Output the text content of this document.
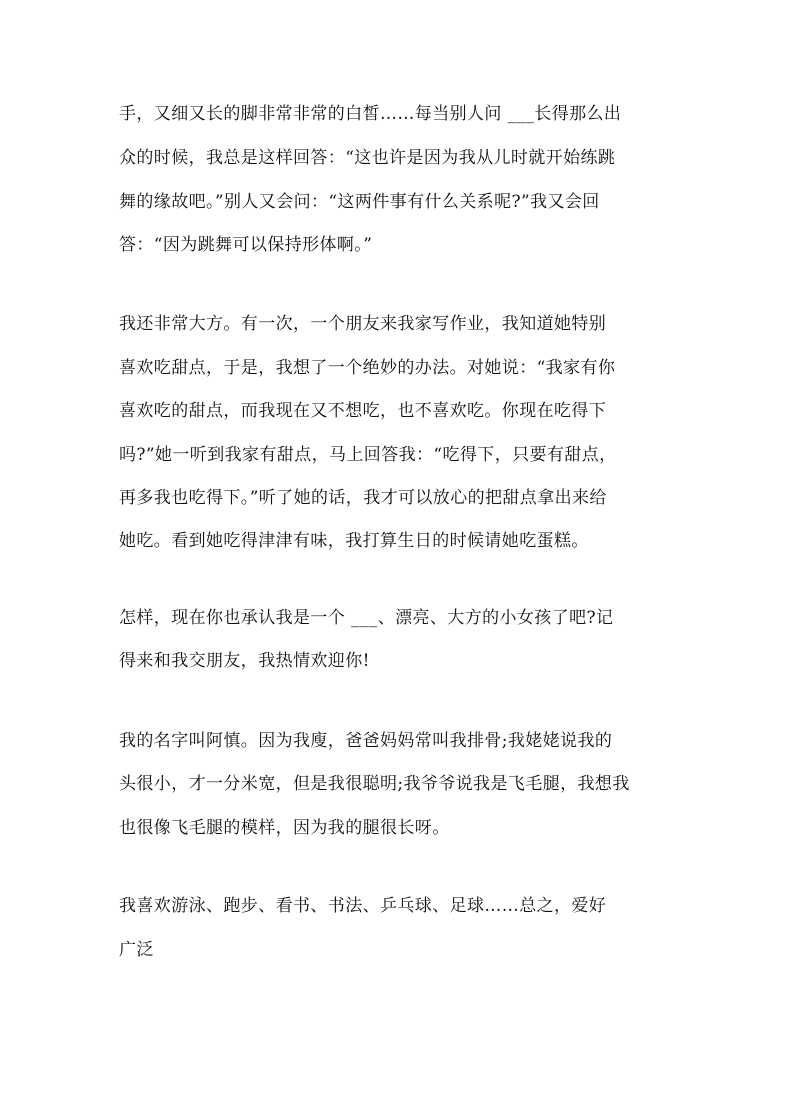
手，又细又长的脚非常非常的白皙……每当别人问 ___长得那么出
众的时候，我总是这样回答：“这也许是因为我从儿时就开始练跳
舞的缘故吧。”别人又会问：“这两件事有什么关系呢?”我又会回
答：“因为跳舞可以保持形体啊。”
我还非常大方。有一次，一个朋友来我家写作业，我知道她特别
喜欢吃甜点，于是，我想了一个绝妙的办法。对她说：“我家有你
喜欢吃的甜点，而我现在又不想吃，也不喜欢吃。你现在吃得下
吗?”她一听到我家有甜点，马上回答我：“吃得下，只要有甜点，
再多我也吃得下。”听了她的话，我才可以放心的把甜点拿出来给
她吃。看到她吃得津津有味，我打算生日的时候请她吃蛋糕。
怎样，现在你也承认我是一个 ___、漂亮、大方的小女孩了吧?记
得来和我交朋友，我热情欢迎你!
我的名字叫阿慎。因为我廋，爸爸妈妈常叫我排骨;我姥姥说我的
头很小，才一分米宽，但是我很聪明;我爷爷说我是飞毛腿，我想我
也很像飞毛腿的模样，因为我的腿很长呀。
我喜欢游泳、跑步、看书、书法、乒乓球、足球……总之，爱好
广泛
